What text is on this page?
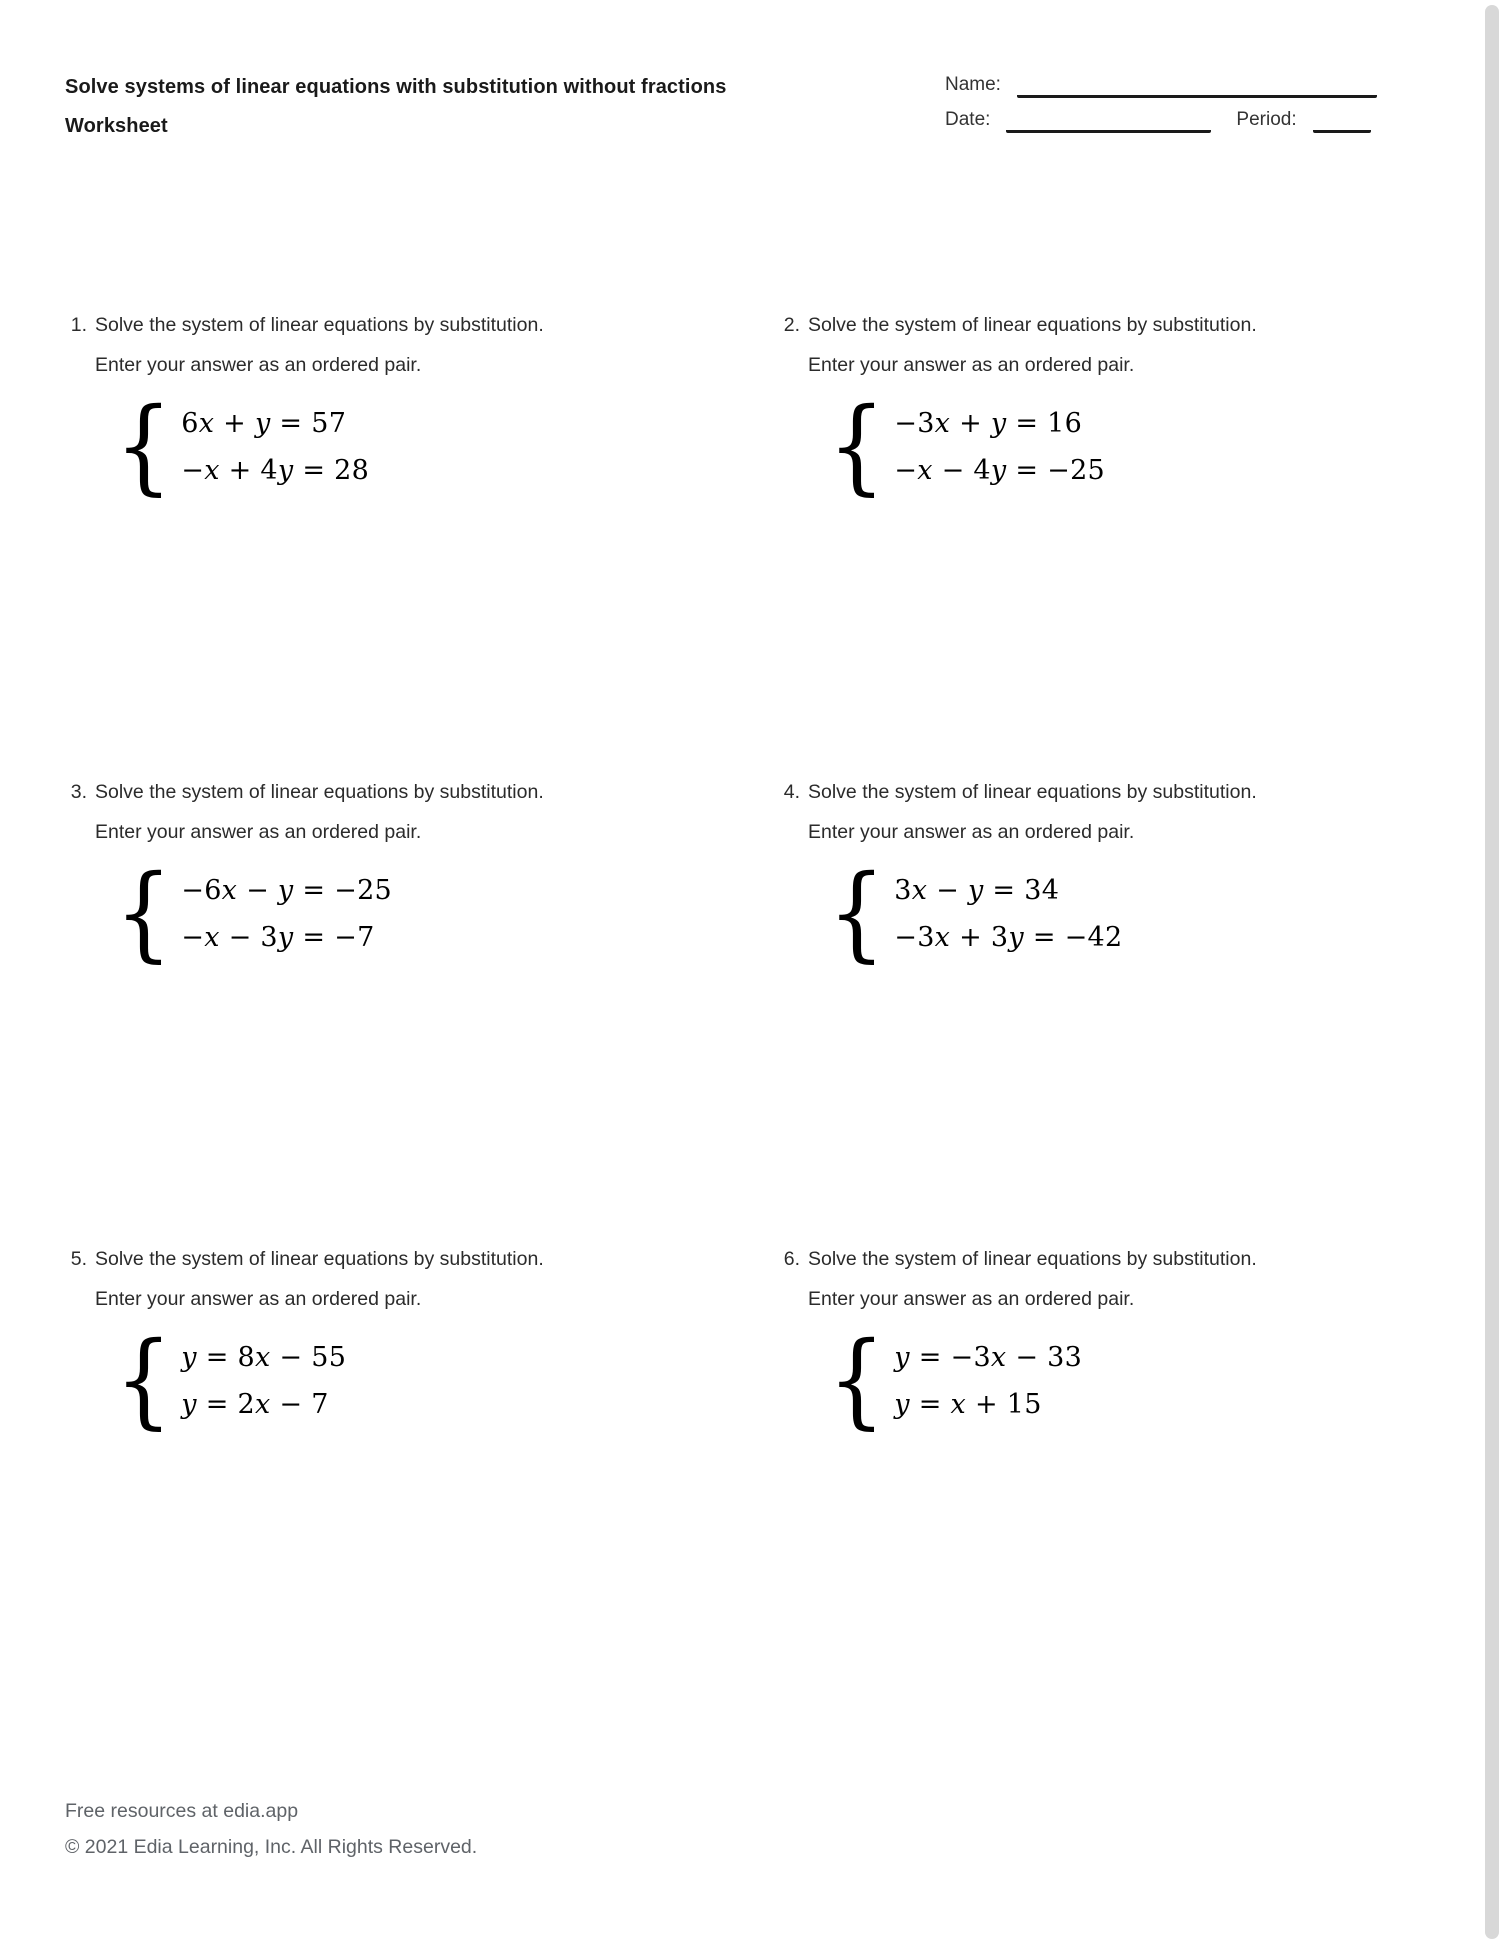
Solve systems of linear equations with substitution without fractions
Worksheet
Name:
Date:	Period:
1. Solve the system of linear equations by substitution. Enter your answer as an ordered pair.
{ 6x + y = 57
−x + 4y = 28
2. Solve the system of linear equations by substitution. Enter your answer as an ordered pair.
{ −3x + y = 16
−x − 4y = −25
3. Solve the system of linear equations by substitution. Enter your answer as an ordered pair.
{ −6x − y = −25
−x − 3y = −7
4. Solve the system of linear equations by substitution. Enter your answer as an ordered pair.
{ 3x − y = 34
−3x + 3y = −42
5. Solve the system of linear equations by substitution. Enter your answer as an ordered pair.
{ y = 8x − 55
y = 2x − 7
6. Solve the system of linear equations by substitution. Enter your answer as an ordered pair.
{ y = −3x − 33
y = x + 15
Free resources at edia.app
© 2021 Edia Learning, Inc. All Rights Reserved.
